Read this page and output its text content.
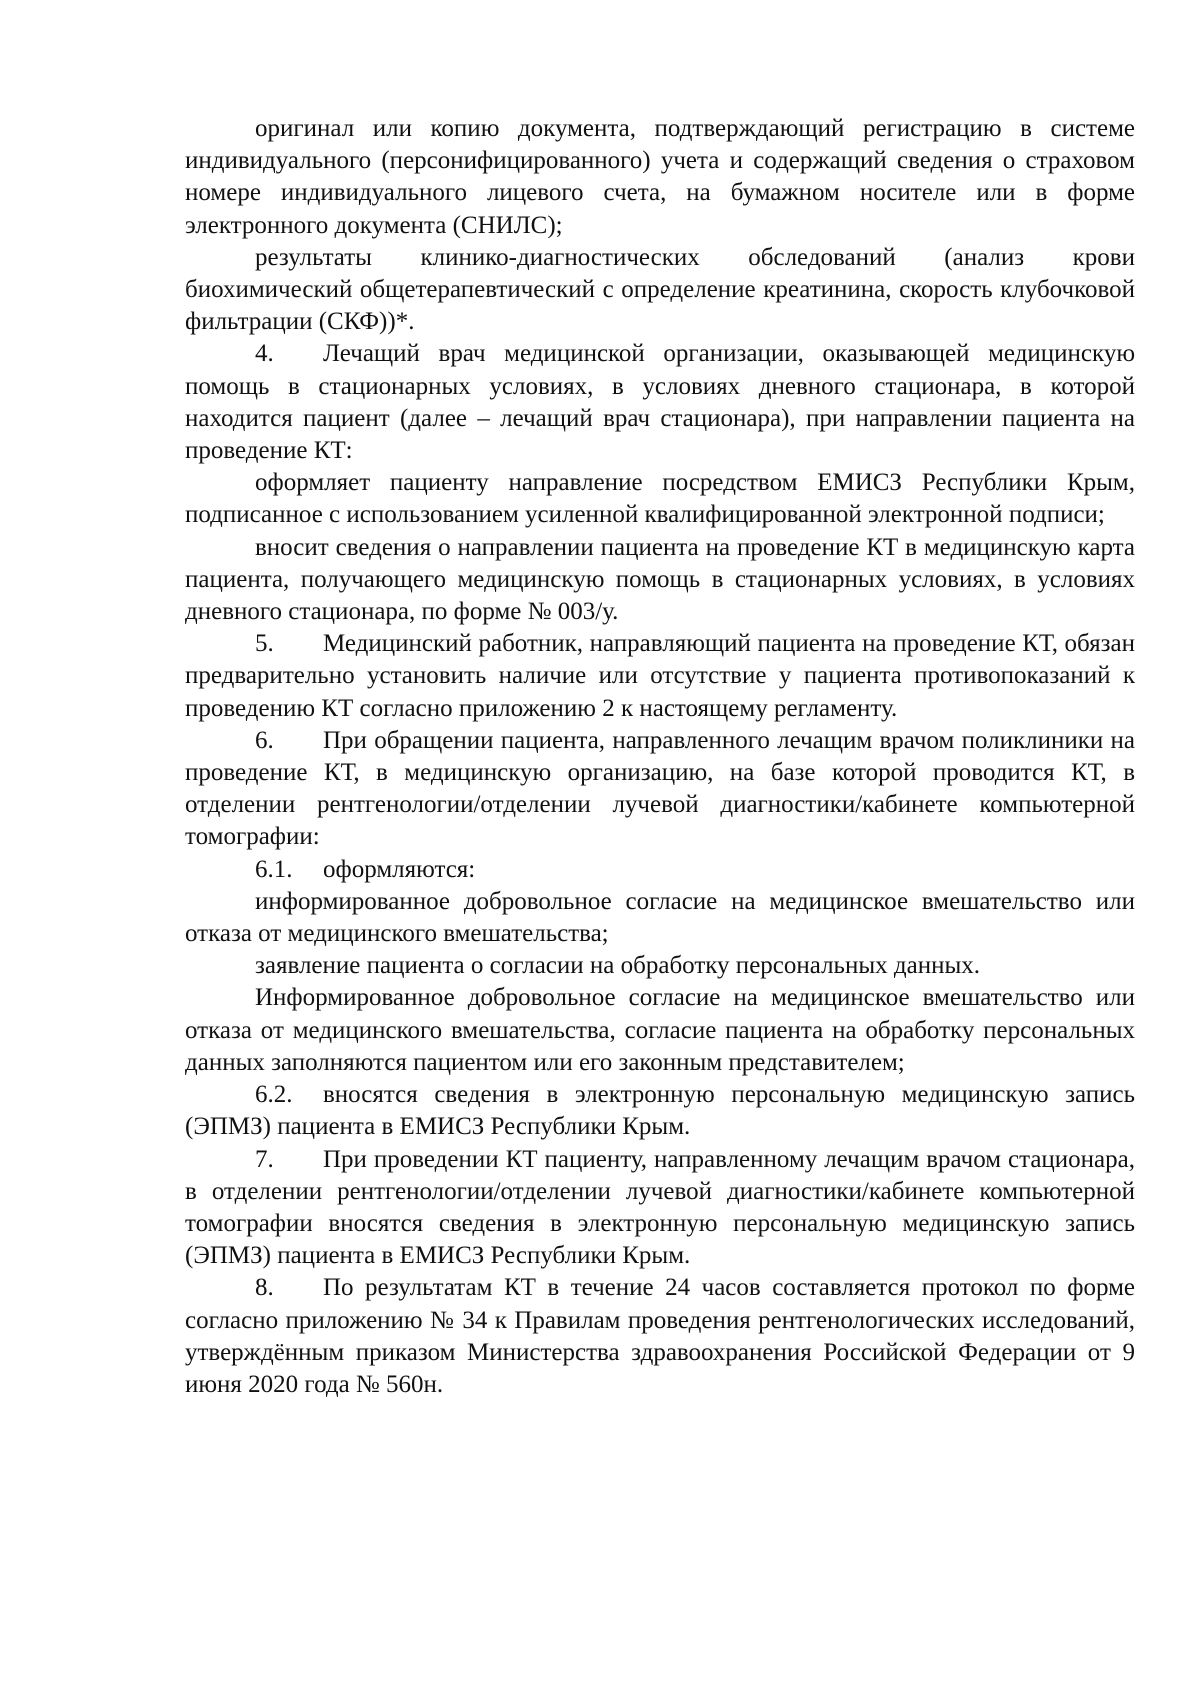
оригинал или копию документа, подтверждающий регистрацию в системе индивидуального (персонифицированного) учета и содержащий сведения о страховом номере индивидуального лицевого счета, на бумажном носителе или в форме электронного документа (СНИЛС);

результаты клинико-диагностических обследований (анализ крови биохимический общетерапевтический с определение креатинина, скорость клубочковой фильтрации (СКФ))*.

4. Лечащий врач медицинской организации, оказывающей медицинскую помощь в стационарных условиях, в условиях дневного стационара, в которой находится пациент (далее – лечащий врач стационара), при направлении пациента на проведение КТ:

оформляет пациенту направление посредством ЕМИСЗ Республики Крым, подписанное с использованием усиленной квалифицированной электронной подписи;

вносит сведения о направлении пациента на проведение КТ в медицинскую карта пациента, получающего медицинскую помощь в стационарных условиях, в условиях дневного стационара, по форме № 003/у.

5. Медицинский работник, направляющий пациента на проведение КТ, обязан предварительно установить наличие или отсутствие у пациента противопоказаний к проведению КТ согласно приложению 2 к настоящему регламенту.

6. При обращении пациента, направленного лечащим врачом поликлиники на проведение КТ, в медицинскую организацию, на базе которой проводится КТ, в отделении рентгенологии/отделении лучевой диагностики/кабинете компьютерной томографии:

6.1. оформляются:

информированное добровольное согласие на медицинское вмешательство или отказа от медицинского вмешательства;

заявление пациента о согласии на обработку персональных данных.

Информированное добровольное согласие на медицинское вмешательство или отказа от медицинского вмешательства, согласие пациента на обработку персональных данных заполняются пациентом или его законным представителем;

6.2. вносятся сведения в электронную персональную медицинскую запись (ЭПМЗ) пациента в ЕМИСЗ Республики Крым.

7. При проведении КТ пациенту, направленному лечащим врачом стационара, в отделении рентгенологии/отделении лучевой диагностики/кабинете компьютерной томографии вносятся сведения в электронную персональную медицинскую запись (ЭПМЗ) пациента в ЕМИСЗ Республики Крым.

8. По результатам КТ в течение 24 часов составляется протокол по форме согласно приложению № 34 к Правилам проведения рентгенологических исследований, утверждённым приказом Министерства здравоохранения Российской Федерации от 9 июня 2020 года № 560н.
